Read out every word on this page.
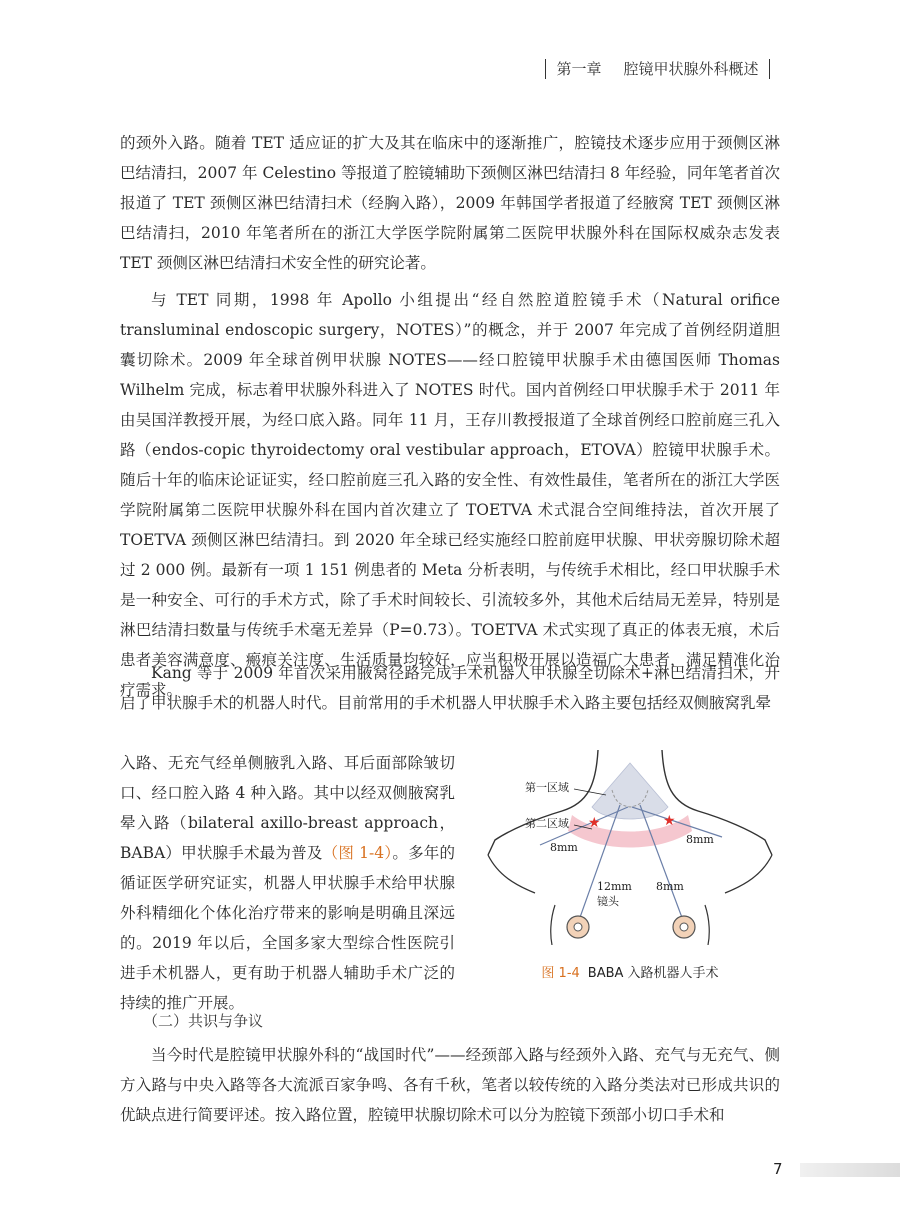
第一章 腔镜甲状腺外科概述
的颈外入路。随着 TET 适应证的扩大及其在临床中的逐渐推广，腔镜技术逐步应用于颈侧区淋巴结清扫，2007 年 Celestino 等报道了腔镜辅助下颈侧区淋巴结清扫 8 年经验，同年笔者首次报道了 TET 颈侧区淋巴结清扫术（经胸入路），2009 年韩国学者报道了经腋窝 TET 颈侧区淋巴结清扫，2010 年笔者所在的浙江大学医学院附属第二医院甲状腺外科在国际权威杂志发表 TET 颈侧区淋巴结清扫术安全性的研究论著。
与 TET 同期，1998 年 Apollo 小组提出“经自然腔道腔镜手术（Natural orifice transluminal endoscopic surgery，NOTES）”的概念，并于 2007 年完成了首例经阴道胆囊切除术。2009 年全球首例甲状腺 NOTES——经口腔镜甲状腺手术由德国医师 Thomas Wilhelm 完成，标志着甲状腺外科进入了 NOTES 时代。国内首例经口甲状腺手术于 2011 年由吴国洋教授开展，为经口底入路。同年 11 月，王存川教授报道了全球首例经口腔前庭三孔入路（endos-copic thyroidectomy oral vestibular approach，ETOVA）腔镜甲状腺手术。随后十年的临床论证证实，经口腔前庭三孔入路的安全性、有效性最佳，笔者所在的浙江大学医学院附属第二医院甲状腺外科在国内首次建立了 TOETVA 术式混合空间维持法，首次开展了 TOETVA 颈侧区淋巴结清扫。到 2020 年全球已经实施经口腔前庭甲状腺、甲状旁腺切除术超过 2 000 例。最新有一项 1 151 例患者的 Meta 分析表明，与传统手术相比，经口甲状腺手术是一种安全、可行的手术方式，除了手术时间较长、引流较多外，其他术后结局无差异，特别是淋巴结清扫数量与传统手术毫无差异（P=0.73）。TOETVA 术式实现了真正的体表无痕，术后患者美容满意度、瘢痕关注度、生活质量均较好，应当积极开展以造福广大患者，满足精准化治疗需求。
Kang 等于 2009 年首次采用腋窝径路完成手术机器人甲状腺全切除术+淋巴结清扫术，开启了甲状腺手术的机器人时代。目前常用的手术机器人甲状腺手术入路主要包括经双侧腋窝乳晕
入路、无充气经单侧腋乳入路、耳后面部除皱切口、经口腔入路 4 种入路。其中以经双侧腋窝乳晕入路（bilateral axillo-breast approach，BABA）甲状腺手术最为普及（图 1-4）。多年的循证医学研究证实，机器人甲状腺手术给甲状腺外科精细化个体化治疗带来的影响是明确且深远的。2019 年以后，全国多家大型综合性医院引进手术机器人，更有助于机器人辅助手术广泛的持续的推广开展。
★	★
第一区域
第二区域
8mm
8mm
12mm
镜头
8mm
图 1-4 BABA 入路机器人手术
（二）共识与争议
当今时代是腔镜甲状腺外科的“战国时代”——经颈部入路与经颈外入路、充气与无充气、侧方入路与中央入路等各大流派百家争鸣、各有千秋，笔者以较传统的入路分类法对已形成共识的优缺点进行简要评述。按入路位置，腔镜甲状腺切除术可以分为腔镜下颈部小切口手术和
7
